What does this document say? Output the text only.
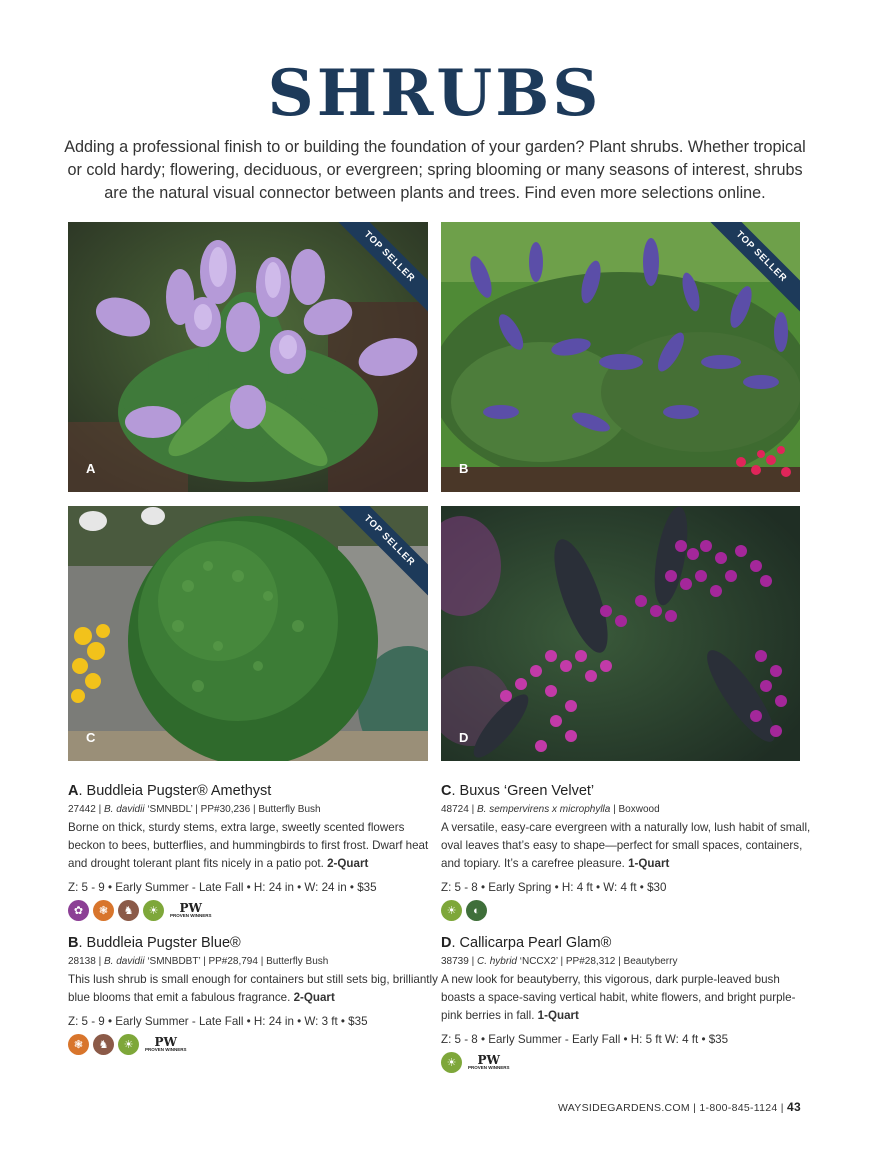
SHRUBS
Adding a professional finish to or building the foundation of your garden? Plant shrubs. Whether tropical or cold hardy; flowering, deciduous, or evergreen; spring blooming or many seasons of interest, shrubs are the natural visual connector between plants and trees. Find even more selections online.
TOP SELLER
A
TOP SELLER
B
TOP SELLER
C	D
A. Buddleia Pugster® Amethyst
27442 | B. davidii ‘SMNBDL’ | PP#30,236 | Butterfly Bush
Borne on thick, sturdy stems, extra large, sweetly scented flowers beckon to bees, butterflies, and hummingbirds to first frost. Dwarf heat and drought tolerant plant fits nicely in a patio pot. 2-Quart
Z: 5 - 9 • Early Summer - Late Fall • H: 24 in • W: 24 in • $35
✿	❃	♞	☀	PW
PROVEN WINNERS
B. Buddleia Pugster Blue®
28138 | B. davidii ‘SMNBDBT’ | PP#28,794 | Butterfly Bush
This lush shrub is small enough for containers but still sets big, brilliantly blue blooms that emit a fabulous fragrance. 2-Quart
Z: 5 - 9 • Early Summer - Late Fall • H: 24 in • W: 3 ft • $35
❃	♞	☀	PW
PROVEN WINNERS
C. Buxus ‘Green Velvet’
48724 | B. sempervirens x microphylla | Boxwood
A versatile, easy-care evergreen with a naturally low, lush habit of small, oval leaves that’s easy to shape—perfect for small spaces, containers, and topiary. It’s a carefree pleasure. 1-Quart
Z: 5 - 8 • Early Spring • H: 4 ft • W: 4 ft • $30
☀	◐
D. Callicarpa Pearl Glam®
38739 | C. hybrid ‘NCCX2’ | PP#28,312 | Beautyberry
A new look for beautyberry, this vigorous, dark purple-leaved bush boasts a space-saving vertical habit, white flowers, and bright purple-pink berries in fall. 1-Quart
Z: 5 - 8 • Early Summer - Early Fall • H: 5 ft W: 4 ft • $35
☀	PW
PROVEN WINNERS
WAYSIDEGARDENS.COM | 1-800-845-1124 | 43
